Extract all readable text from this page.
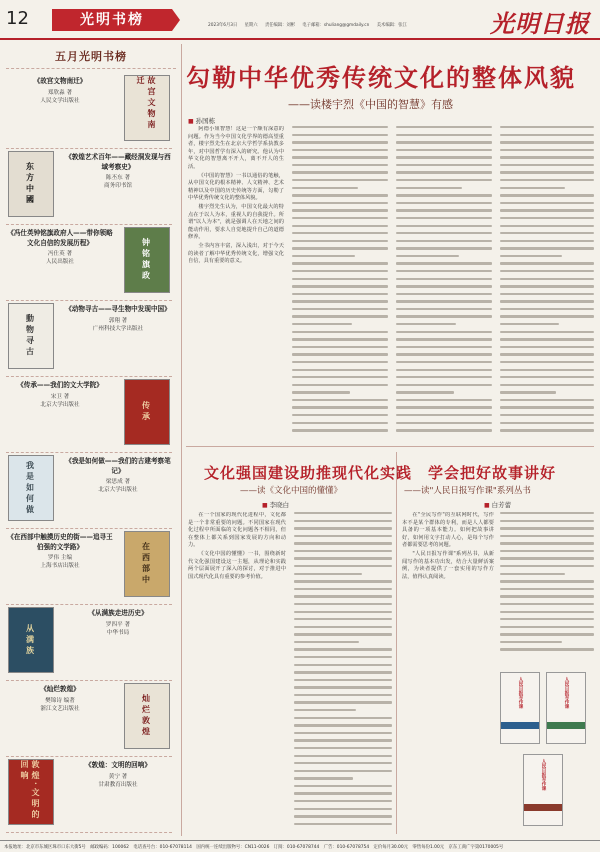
12	光明书榜	2023年6月3日 星期六 责任编辑：刘彬 电子邮箱：shuliang@gmdaily.cn 美术编辑：张江	光明日报
五月光明书榜
《故宫文物南迁》
郑欣淼 著
人民文学出版社	故宫文物南迁
东方中國
《敦煌艺术百年——藏经洞发现与西域考察史》
陈丕东 著
商务印书馆
《冯仕英钟铭旗政府人——带你领略文化自信的发展历程》
冯仕英 著
人民出版社	钟铭旗政
動物寻古
《动物寻古——寻生物中发现中国》
郭翔 著
广州科技大学出版社
《传承——我们的文大学院》
宋卫 著
北京大学出版社	传承
我是如何做	《我是如何做——我们的古建考察笔记》
梁思成 著
北京大学出版社
《在西部中触摸历史的街——追寻王伯强的文学路》
罗伟 主编
上海书店出版社	在西部中
从满族
《从满族走进历史》
罗四平 著
中华书局
《灿烂敦煌》
樊锦诗 编著
浙江文艺出版社	灿烂敦煌
敦煌·文明的回响	《敦煌：文明的回响》
黄宁 著
甘肃教育出版社
勾勒中华优秀传统文化的整体风貌
——读楼宇烈《中国的智慧》有感
■ 孙国栋

阿德小姐智慧！这是一个颇有深意的问题。作为当今中国文化学界的德高望重者，楼宇烈先生在北京大学哲学系执教多年，对中国哲学有深入的研究。他认为中华文化的智慧离不开人，离不开人的生活。

《中国的智慧》一书以通俗的笔触，从中国文化的根本精神、人文精神、艺术精神以及中国的历史传统等方面，勾勒了中华优秀传统文化的整体风貌。

楼宇烈先生认为，中国文化最大的特点在于以人为本，重视人的自我提升。所谓"以人为本"，就是强调人在天地之间的能动作用，要求人自觉地提升自己的道德修养。

全书内容丰富，深入浅出，对于今天的读者了解中华优秀传统文化，增强文化自信，具有重要的意义。

文化强国建设助推现代化实践
——读《文化中国的懂懂》
■ 李晓白

在一个国家的现代化进程中，文化都是一个非常重要的问题。不同国家在现代化过程中所面临的文化问题各不相同，但在整体上都关系到国家发展的方向和动力。

《文化中国的懂懂》一书，围绕新时代文化强国建设这一主题，从理论和实践两个层面展开了深入的探讨，对于推进中国式现代化具有重要的参考价值。

学会把好故事讲好
——读"人民日报写作课"系列丛书
■ 白芳蕾

在"全民写作"的互联网时代，写作本不是某个群体的专利，而是人人都要具备的一项基本能力。如何把故事讲好，如何用文字打动人心，是每个写作者都需要思考的问题。

"人民日报写作课"系列丛书，从新闻写作的基本功出发，结合大量鲜活案例，为读者提供了一套实用的写作方法，值得认真阅读。

人民日报写作课	人民日报写作课
人民日报写作课
本报地址：北京市东城区珠市口东大街5号　邮政编码：100062　电话查号台：010-67078114　国内统一连续出版物号：CN11-0026　订阅：010-67078744　广告：010-67078754　定价每月30.00元　零售每份1.00元　京东工商广字第0170005号
